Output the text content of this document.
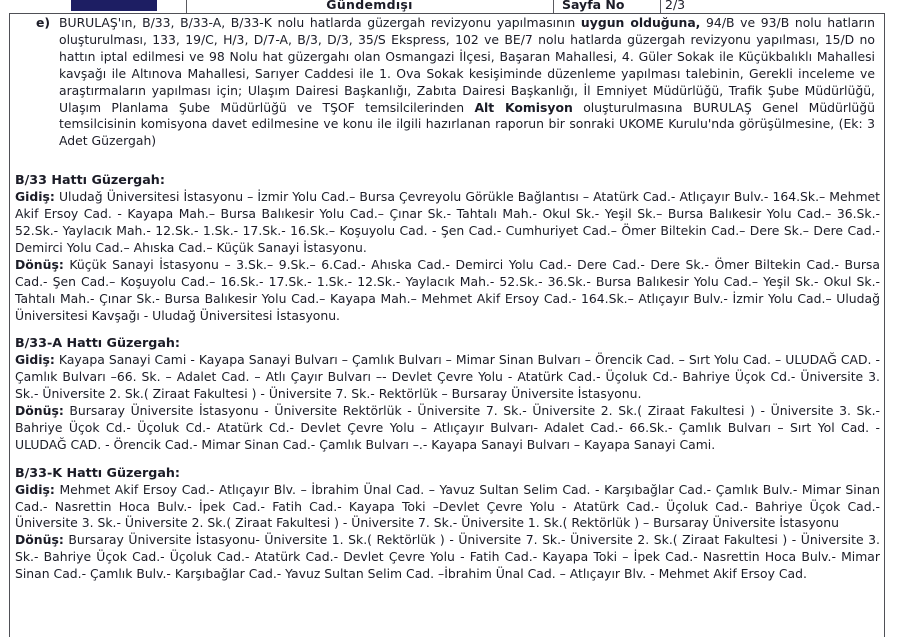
Gündemdışı	Sayfa No	2/3

e) BURULAŞ'ın, B/33, B/33-A, B/33-K nolu hatlarda güzergah revizyonu yapılmasının uygun olduğuna, 94/B ve 93/B nolu hatların oluşturulması, 133, 19/C, H/3, D/7-A, B/3, D/3, 35/S Ekspress, 102 ve BE/7 nolu hatlarda güzergah revizyonu yapılması, 15/D no hattın iptal edilmesi ve 98 Nolu hat güzergahı olan Osmangazi İlçesi, Başaran Mahallesi, 4. Güler Sokak ile Küçükbalıklı Mahallesi kavşağı ile Altınova Mahallesi, Sarıyer Caddesi ile 1. Ova Sokak kesişiminde düzenleme yapılması talebinin, Gerekli inceleme ve araştırmaların yapılması için; Ulaşım Dairesi Başkanlığı, Zabıta Dairesi Başkanlığı, İl Emniyet Müdürlüğü, Trafik Şube Müdürlüğü, Ulaşım Planlama Şube Müdürlüğü ve TŞOF temsilcilerinden Alt Komisyon oluşturulmasına BURULAŞ Genel Müdürlüğü temsilcisinin komisyona davet edilmesine ve konu ile ilgili hazırlanan raporun bir sonraki UKOME Kurulu'nda görüşülmesine, (Ek: 3 Adet Güzergah)

B/33 Hattı Güzergah:

Gidiş: Uludağ Üniversitesi İstasyonu – İzmir Yolu Cad.– Bursa Çevreyolu Görükle Bağlantısı – Atatürk Cad.- Atlıçayır Bulv.- 164.Sk.– Mehmet Akif Ersoy Cad. - Kayapa Mah.– Bursa Balıkesir Yolu Cad.– Çınar Sk.- Tahtalı Mah.- Okul Sk.- Yeşil Sk.– Bursa Balıkesir Yolu Cad.– 36.Sk.- 52.Sk.- Yaylacık Mah.- 12.Sk.- 1.Sk.- 17.Sk.- 16.Sk.– Koşuyolu Cad. - Şen Cad.- Cumhuriyet Cad.– Ömer Biltekin Cad.– Dere Sk.– Dere Cad.- Demirci Yolu Cad.– Ahıska Cad.– Küçük Sanayi İstasyonu.

Dönüş: Küçük Sanayi İstasyonu – 3.Sk.– 9.Sk.– 6.Cad.- Ahıska Cad.- Demirci Yolu Cad.- Dere Cad.- Dere Sk.- Ömer Biltekin Cad.- Bursa Cad.- Şen Cad.– Koşuyolu Cad.– 16.Sk.- 17.Sk.- 1.Sk.- 12.Sk.- Yaylacık Mah.- 52.Sk.- 36.Sk.- Bursa Balıkesir Yolu Cad.– Yeşil Sk.- Okul Sk.- Tahtalı Mah.- Çınar Sk.- Bursa Balıkesir Yolu Cad.– Kayapa Mah.– Mehmet Akif Ersoy Cad.- 164.Sk.– Atlıçayır Bulv.- İzmir Yolu Cad.– Uludağ Üniversitesi Kavşağı - Uludağ Üniversitesi İstasyonu.

B/33-A Hattı Güzergah:

Gidiş: Kayapa Sanayi Cami - Kayapa Sanayi Bulvarı – Çamlık Bulvarı – Mimar Sinan Bulvarı – Örencik Cad. – Sırt Yolu Cad. – ULUDAĞ CAD. - Çamlık Bulvarı –66. Sk. – Adalet Cad. – Atlı Çayır Bulvarı –- Devlet Çevre Yolu - Atatürk Cad.- Üçoluk Cd.- Bahriye Üçok Cd.- Üniversite 3. Sk.- Üniversite 2. Sk.( Ziraat Fakultesi ) - Üniversite 7. Sk.- Rektörlük – Bursaray Üniversite İstasyonu.

Dönüş: Bursaray Üniversite İstasyonu - Üniversite Rektörlük - Üniversite 7. Sk.- Üniversite 2. Sk.( Ziraat Fakultesi ) - Üniversite 3. Sk.- Bahriye Üçok Cd.- Üçoluk Cd.- Atatürk Cd.- Devlet Çevre Yolu – Atlıçayır Bulvarı- Adalet Cad.- 66.Sk.- Çamlık Bulvarı – Sırt Yol Cad. - ULUDAĞ CAD. - Örencik Cad.- Mimar Sinan Cad.- Çamlık Bulvarı –.- Kayapa Sanayi Bulvarı – Kayapa Sanayi Cami.

B/33-K Hattı Güzergah:

Gidiş: Mehmet Akif Ersoy Cad.- Atlıçayır Blv. – İbrahim Ünal Cad. – Yavuz Sultan Selim Cad. - Karşıbağlar Cad.- Çamlık Bulv.- Mimar Sinan Cad.- Nasrettin Hoca Bulv.- İpek Cad.- Fatih Cad.- Kayapa Toki –Devlet Çevre Yolu - Atatürk Cad.- Üçoluk Cad.- Bahriye Üçok Cad.- Üniversite 3. Sk.- Üniversite 2. Sk.( Ziraat Fakultesi ) - Üniversite 7. Sk.- Üniversite 1. Sk.( Rektörlük ) – Bursaray Üniversite İstasyonu

Dönüş: Bursaray Üniversite İstasyonu- Üniversite 1. Sk.( Rektörlük ) - Üniversite 7. Sk.- Üniversite 2. Sk.( Ziraat Fakultesi ) - Üniversite 3. Sk.- Bahriye Üçok Cad.- Üçoluk Cad.- Atatürk Cad.- Devlet Çevre Yolu - Fatih Cad.- Kayapa Toki – İpek Cad.- Nasrettin Hoca Bulv.- Mimar Sinan Cad.- Çamlık Bulv.- Karşıbağlar Cad.- Yavuz Sultan Selim Cad. –İbrahim Ünal Cad. – Atlıçayır Blv. - Mehmet Akif Ersoy Cad.
